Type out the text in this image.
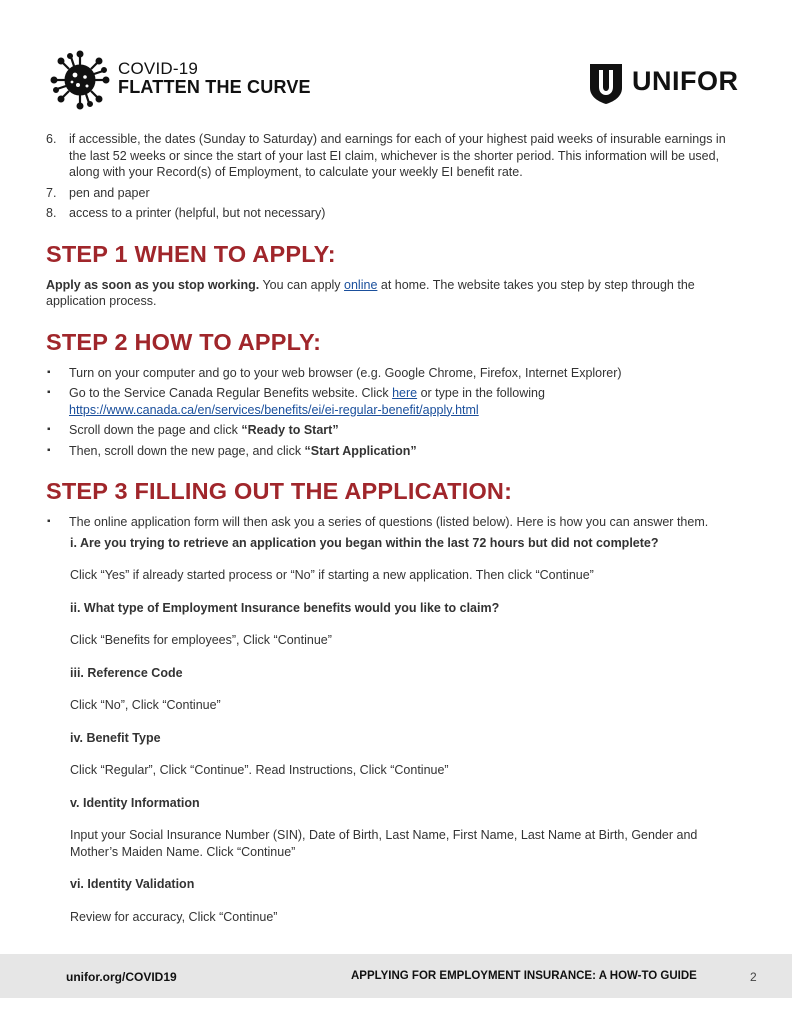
COVID-19
FLATTEN THE CURVE	UNIFOR
6. if accessible, the dates (Sunday to Saturday) and earnings for each of your highest paid weeks of insurable earnings in the last 52 weeks or since the start of your last EI claim, whichever is the shorter period. This information will be used, along with your Record(s) of Employment, to calculate your weekly EI benefit rate.
7. pen and paper
8. access to a printer (helpful, but not necessary)
STEP 1 WHEN TO APPLY:

Apply as soon as you stop working. You can apply online at home. The website takes you step by step through the application process.

STEP 2 HOW TO APPLY:
▪ Turn on your computer and go to your web browser (e.g. Google Chrome, Firefox, Internet Explorer)
▪ Go to the Service Canada Regular Benefits website. Click here or type in the following https://www.canada.ca/en/services/benefits/ei/ei-regular-benefit/apply.html
▪ Scroll down the page and click “Ready to Start”
▪ Then, scroll down the new page, and click “Start Application”
STEP 3 FILLING OUT THE APPLICATION:
▪ The online application form will then ask you a series of questions (listed below). Here is how you can answer them.

i. Are you trying to retrieve an application you began within the last 72 hours but did not complete?

Click “Yes” if already started process or “No” if starting a new application. Then click “Continue”

ii. What type of Employment Insurance benefits would you like to claim?

Click “Benefits for employees”, Click “Continue”

iii. Reference Code

Click “No”, Click “Continue”

iv. Benefit Type

Click “Regular”, Click “Continue”. Read Instructions, Click “Continue”

v. Identity Information

Input your Social Insurance Number (SIN), Date of Birth, Last Name, First Name, Last Name at Birth, Gender and Mother’s Maiden Name. Click “Continue”

vi. Identity Validation

Review for accuracy, Click “Continue”

unifor.org/COVID19	APPLYING FOR EMPLOYMENT INSURANCE: A HOW-TO GUIDE	2
